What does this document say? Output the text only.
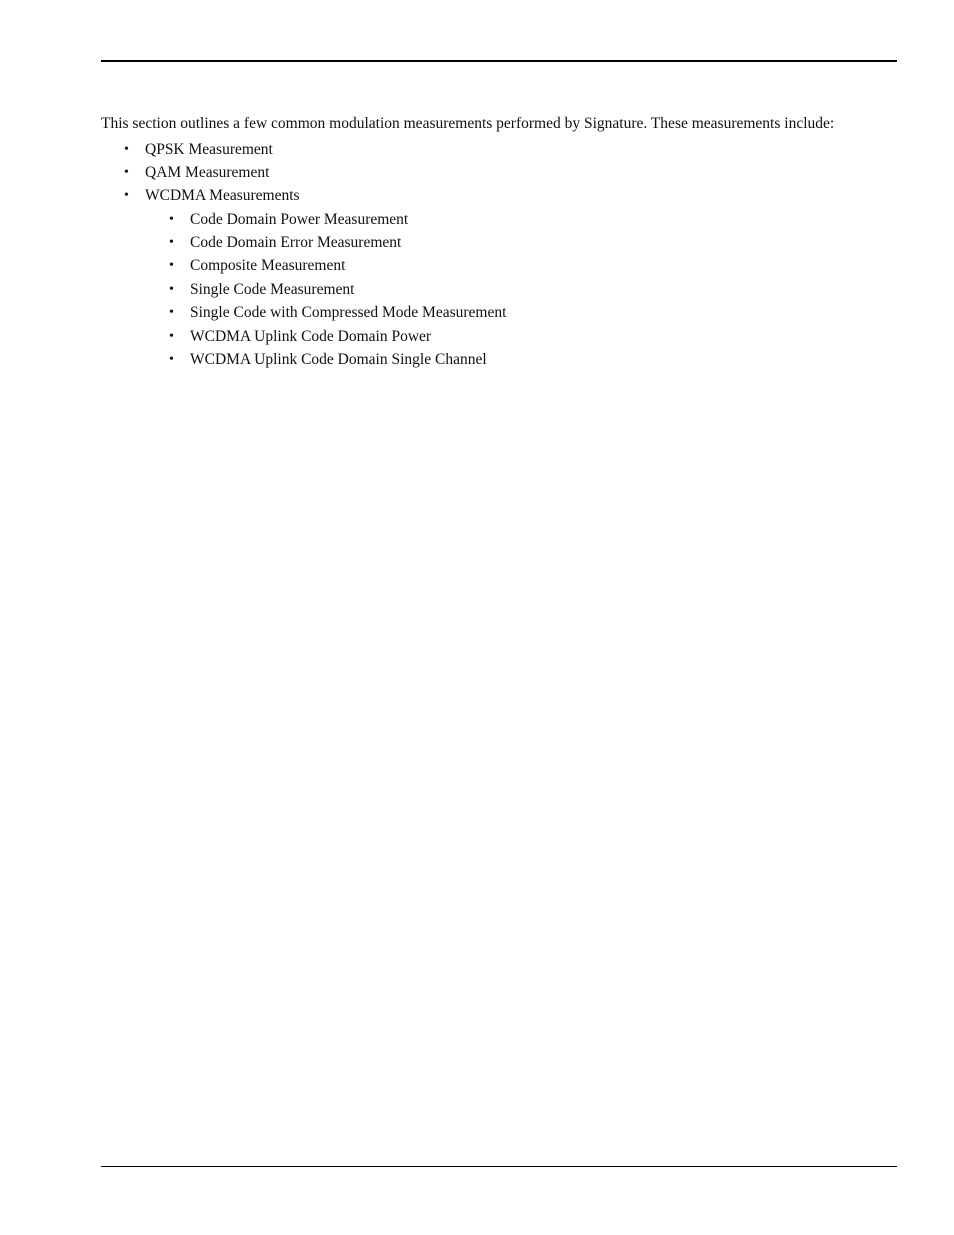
This section outlines a few common modulation measurements performed by Signature. These measurements include:

• QPSK Measurement
• QAM Measurement
• WCDMA Measurements
• Code Domain Power Measurement
• Code Domain Error Measurement
• Composite Measurement
• Single Code Measurement
• Single Code with Compressed Mode Measurement
• WCDMA Uplink Code Domain Power
• WCDMA Uplink Code Domain Single Channel
